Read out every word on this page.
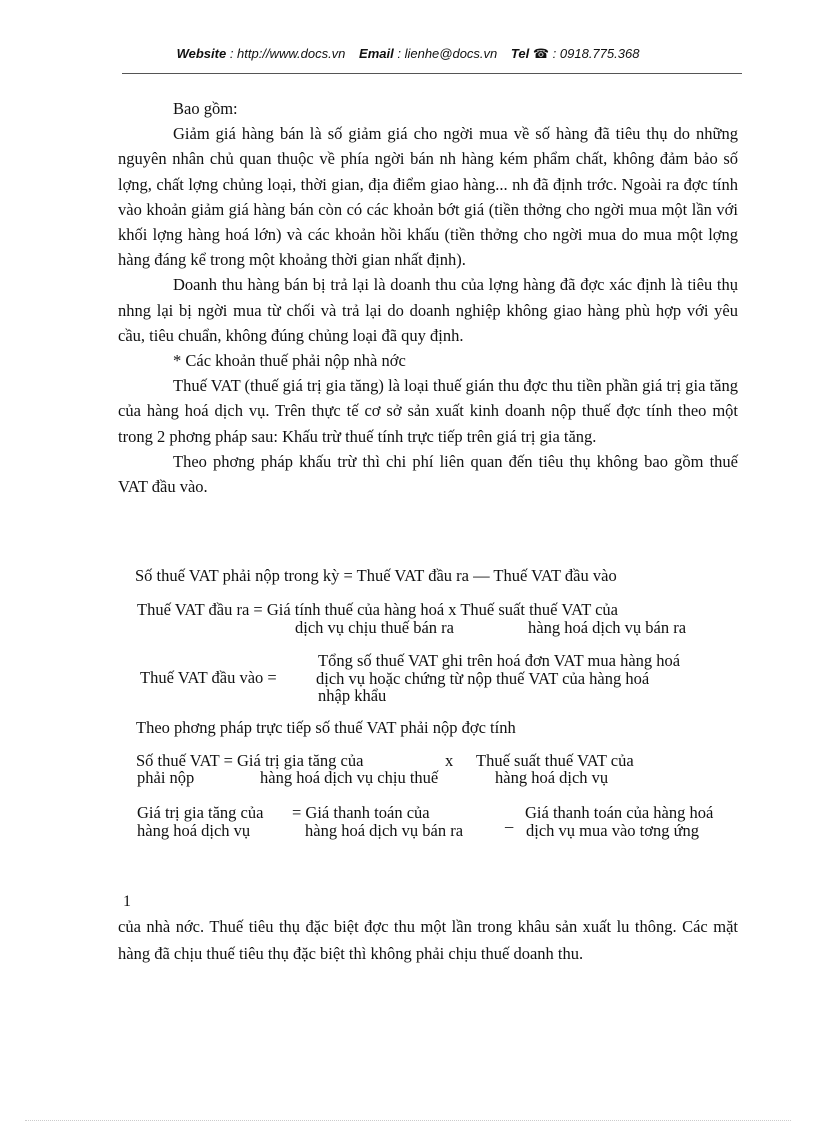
Website : http://www.docs.vn Email : lienhe@docs.vn Tel ☎ : 0918.775.368

Bao gồm:

Giảm giá hàng bán là số giảm giá cho ngời mua về số hàng đã tiêu thụ do những nguyên nhân chủ quan thuộc về phía ngời bán nh hàng kém phẩm chất, không đảm bảo số lợng, chất lợng chủng loại, thời gian, địa điểm giao hàng... nh đã định trớc. Ngoài ra đợc tính vào khoản giảm giá hàng bán còn có các khoản bớt giá (tiền thởng cho ngời mua một lần với khối lợng hàng hoá lớn) và các khoản hồi khấu (tiền thởng cho ngời mua do mua một lợng hàng đáng kể trong một khoảng thời gian nhất định).

Doanh thu hàng bán bị trả lại là doanh thu của lợng hàng đã đợc xác định là tiêu thụ nhng lại bị ngời mua từ chối và trả lại do doanh nghiệp không giao hàng phù hợp với yêu cầu, tiêu chuẩn, không đúng chủng loại đã quy định.

* Các khoản thuế phải nộp nhà nớc

Thuế VAT (thuế giá trị gia tăng) là loại thuế gián thu đợc thu tiền phần giá trị gia tăng của hàng hoá dịch vụ. Trên thực tế cơ sở sản xuất kinh doanh nộp thuế đợc tính theo một trong 2 phơng pháp sau: Khấu trừ thuế tính trực tiếp trên giá trị gia tăng.

Theo phơng pháp khấu trừ thì chi phí liên quan đến tiêu thụ không bao gồm thuế VAT đầu vào.

Số thuế VAT phải nộp trong kỳ = Thuế VAT đầu ra — Thuế VAT đầu vào
Thuế VAT đầu ra = Giá tính thuế của hàng hoá x Thuế suất thuế VAT của
dịch vụ chịu thuế bán ra	hàng hoá dịch vụ bán ra
Thuế VAT đầu vào =
Tổng số thuế VAT ghi trên hoá đơn VAT mua hàng hoá
dịch vụ hoặc chứng từ nộp thuế VAT của hàng hoá
nhập khẩu
Theo phơng pháp trực tiếp số thuế VAT phải nộp đợc tính
Số thuế VAT = Giá trị gia tăng của	x Thuế suất thuế VAT của
phải nộp	hàng hoá dịch vụ chịu thuế	hàng hoá dịch vụ
Giá trị gia tăng của = Giá thanh toán của	_ Giá thanh toán của hàng hoá
hàng hoá dịch vụ	hàng hoá dịch vụ bán ra	dịch vụ mua vào tơng ứng
1
của nhà nớc. Thuế tiêu thụ đặc biệt đợc thu một lần trong khâu sản xuất lu thông. Các mặt hàng đã chịu thuế tiêu thụ đặc biệt thì không phải chịu thuế doanh thu.
